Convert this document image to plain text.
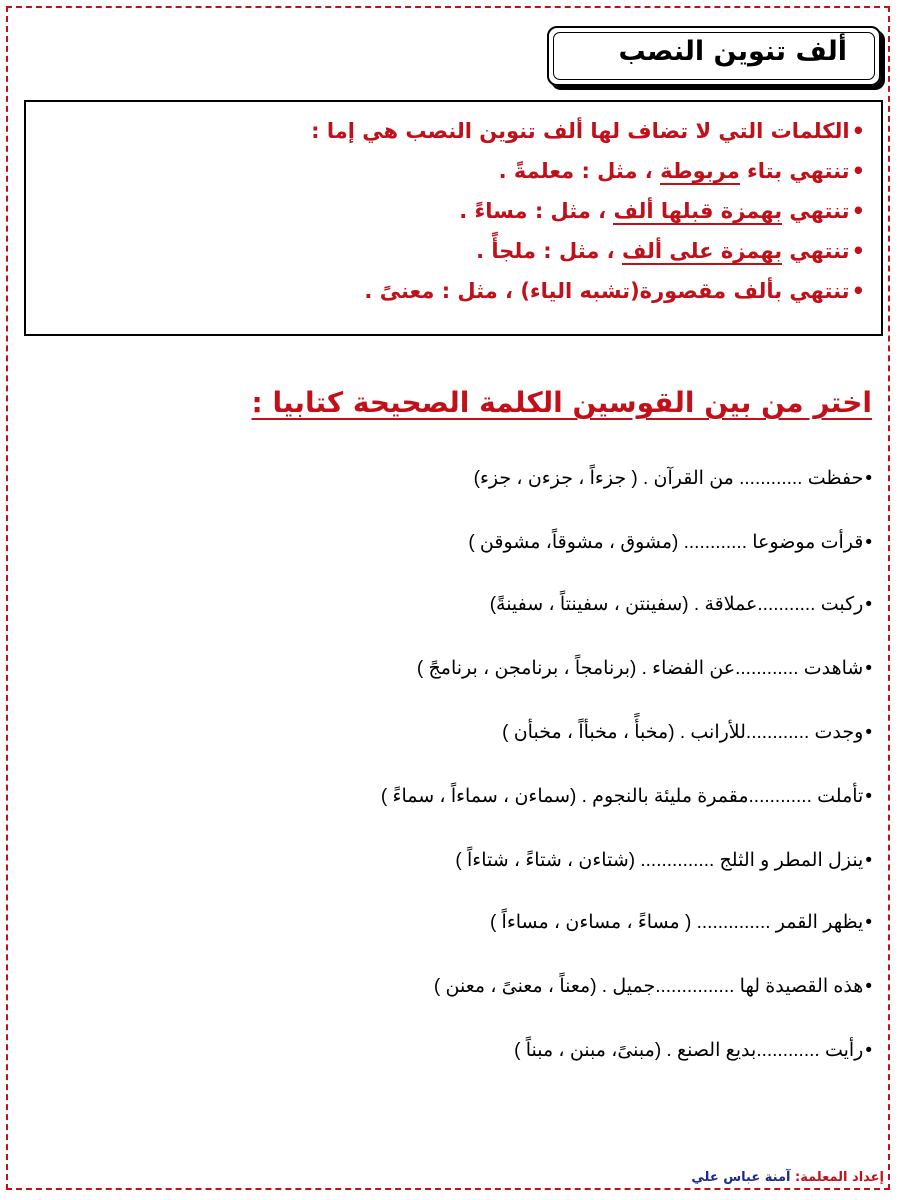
ألف تنوين النصب
•الكلمات التي لا تضاف لها ألف تنوين النصب هي إما :
•تنتهي بتاء مربوطة ، مثل : معلمةً .
•تنتهي بهمزة قبلها ألف ، مثل : مساءً .
•تنتهي بهمزة على ألف ، مثل : ملجأً .
•تنتهي بألف مقصورة(تشبه الياء) ، مثل : معنىً .
اختر من بين القوسين الكلمة الصحيحة كتابيا :
•حفظت ............ من القرآن . ( جزءاً ، جزءن ، جزء)
•قرأت موضوعا ............ (مشوق ، مشوقاً، مشوقن )
•ركبت ...........عملاقة . (سفينتن ، سفينتاً ، سفينةً)
•شاهدت ............عن الفضاء . (برنامجاً ، برنامجن ، برنامجً )
•وجدت ............للأرانب . (مخبأً ، مخبأاً ، مخبأن )
•تأملت ............مقمرة مليئة بالنجوم . (سماءن ، سماءاً ، سماءً )
•ينزل المطر و الثلج .............. (شتاءن ، شتاءً ، شتاءاً )
•يظهر القمر .............. ( مساءً ، مساءن ، مساءاً )
•هذه القصيدة لها ...............جميل . (معناً ، معنىً ، معنن )
•رأيت ............بديع الصنع . (مبنىً، مبنن ، مبناً )
إعداد المعلمة: آمنة عباس علي
